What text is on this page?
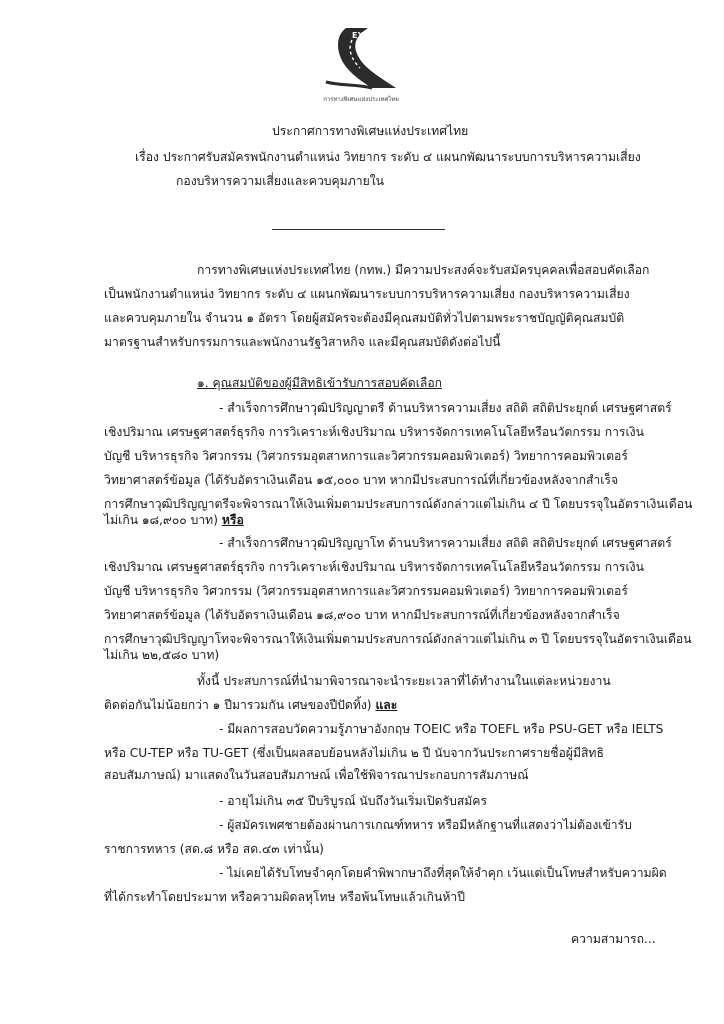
EXAT
การทางพิเศษแห่งประเทศไทย
ประกาศการทางพิเศษแห่งประเทศไทย
เรื่อง ประกาศรับสมัครพนักงานตำแหน่ง วิทยากร ระดับ ๔ แผนกพัฒนาระบบการบริหารความเสี่ยง
กองบริหารความเสี่ยงและควบคุมภายใน
การทางพิเศษแห่งประเทศไทย (กทพ.) มีความประสงค์จะรับสมัครบุคคลเพื่อสอบคัดเลือก
เป็นพนักงานตำแหน่ง วิทยากร ระดับ ๔ แผนกพัฒนาระบบการบริหารความเสี่ยง กองบริหารความเสี่ยง
และควบคุมภายใน จำนวน ๑ อัตรา โดยผู้สมัครจะต้องมีคุณสมบัติทั่วไปตามพระราชบัญญัติคุณสมบัติ
มาตรฐานสำหรับกรรมการและพนักงานรัฐวิสาหกิจ และมีคุณสมบัติดังต่อไปนี้
๑. คุณสมบัติของผู้มีสิทธิเข้ารับการสอบคัดเลือก
- สำเร็จการศึกษาวุฒิปริญญาตรี ด้านบริหารความเสี่ยง สถิติ สถิติประยุกต์ เศรษฐศาสตร์
เชิงปริมาณ เศรษฐศาสตร์ธุรกิจ การวิเคราะห์เชิงปริมาณ บริหารจัดการเทคโนโลยีหรือนวัตกรรม การเงิน
บัญชี บริหารธุรกิจ วิศวกรรม (วิศวกรรมอุตสาหการและวิศวกรรมคอมพิวเตอร์) วิทยาการคอมพิวเตอร์
วิทยาศาสตร์ข้อมูล (ได้รับอัตราเงินเดือน ๑๕,๐๐๐ บาท หากมีประสบการณ์ที่เกี่ยวข้องหลังจากสำเร็จ
การศึกษาวุฒิปริญญาตรีจะพิจารณาให้เงินเพิ่มตามประสบการณ์ดังกล่าวแต่ไม่เกิน ๔ ปี โดยบรรจุในอัตราเงินเดือน
ไม่เกิน ๑๘,๙๐๐ บาท) หรือ
- สำเร็จการศึกษาวุฒิปริญญาโท ด้านบริหารความเสี่ยง สถิติ สถิติประยุกต์ เศรษฐศาสตร์
เชิงปริมาณ เศรษฐศาสตร์ธุรกิจ การวิเคราะห์เชิงปริมาณ บริหารจัดการเทคโนโลยีหรือนวัตกรรม การเงิน
บัญชี บริหารธุรกิจ วิศวกรรม (วิศวกรรมอุตสาหการและวิศวกรรมคอมพิวเตอร์) วิทยาการคอมพิวเตอร์
วิทยาศาสตร์ข้อมูล (ได้รับอัตราเงินเดือน ๑๘,๙๐๐ บาท หากมีประสบการณ์ที่เกี่ยวข้องหลังจากสำเร็จ
การศึกษาวุฒิปริญญาโทจะพิจารณาให้เงินเพิ่มตามประสบการณ์ดังกล่าวแต่ไม่เกิน ๓ ปี โดยบรรจุในอัตราเงินเดือน
ไม่เกิน ๒๒,๕๘๐ บาท)
ทั้งนี้ ประสบการณ์ที่นำมาพิจารณาจะนำระยะเวลาที่ได้ทำงานในแต่ละหน่วยงาน
ติดต่อกันไม่น้อยกว่า ๑ ปีมารวมกัน เศษของปีปัดทิ้ง) และ
- มีผลการสอบวัดความรู้ภาษาอังกฤษ TOEIC หรือ TOEFL หรือ PSU-GET หรือ IELTS
หรือ CU-TEP หรือ TU-GET (ซึ่งเป็นผลสอบย้อนหลังไม่เกิน ๒ ปี นับจากวันประกาศรายชื่อผู้มีสิทธิ
สอบสัมภาษณ์) มาแสดงในวันสอบสัมภาษณ์ เพื่อใช้พิจารณาประกอบการสัมภาษณ์
- อายุไม่เกิน ๓๕ ปีบริบูรณ์ นับถึงวันเริ่มเปิดรับสมัคร
- ผู้สมัครเพศชายต้องผ่านการเกณฑ์ทหาร หรือมีหลักฐานที่แสดงว่าไม่ต้องเข้ารับ
ราชการทหาร (สด.๘ หรือ สด.๔๓ เท่านั้น)
- ไม่เคยได้รับโทษจำคุกโดยคำพิพากษาถึงที่สุดให้จำคุก เว้นแต่เป็นโทษสำหรับความผิด
ที่ได้กระทำโดยประมาท หรือความผิดลหุโทษ หรือพ้นโทษแล้วเกินห้าปี
ความสามารถ...
